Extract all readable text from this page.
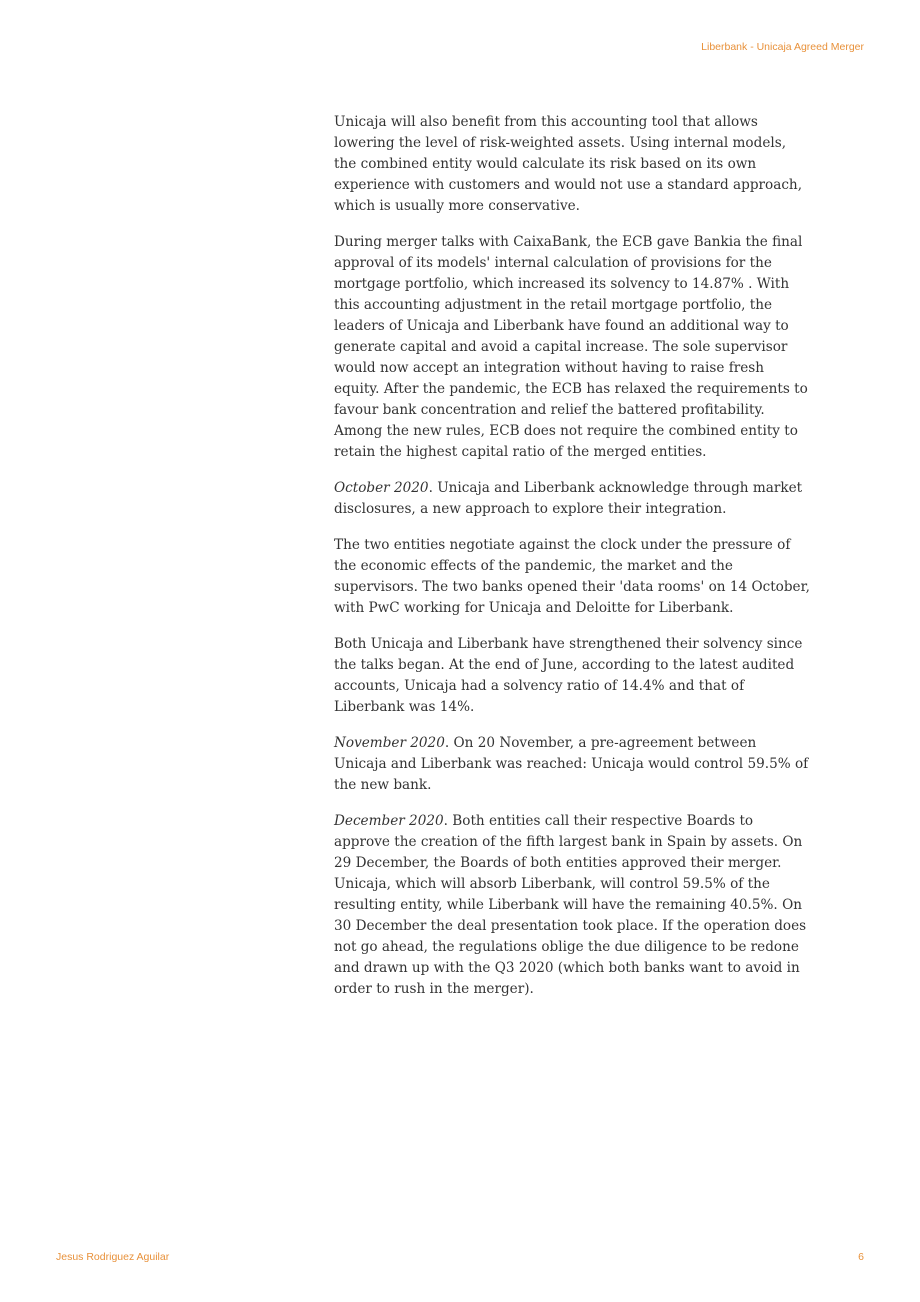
Liberbank - Unicaja Agreed Merger

Unicaja will also benefit from this accounting tool that allows lowering the level of risk-weighted assets. Using internal models, the combined entity would calculate its risk based on its own experience with customers and would not use a standard approach, which is usually more conservative.

During merger talks with CaixaBank, the ECB gave Bankia the final approval of its models' internal calculation of provisions for the mortgage portfolio, which increased its solvency to 14.87% . With this accounting adjustment in the retail mortgage portfolio, the leaders of Unicaja and Liberbank have found an additional way to generate capital and avoid a capital increase. The sole supervisor would now accept an integration without having to raise fresh equity. After the pandemic, the ECB has relaxed the requirements to favour bank concentration and relief the battered profitability. Among the new rules, ECB does not require the combined entity to retain the highest capital ratio of the merged entities.

October 2020. Unicaja and Liberbank acknowledge through market disclosures, a new approach to explore their integration.

The two entities negotiate against the clock under the pressure of the economic effects of the pandemic, the market and the supervisors. The two banks opened their 'data rooms' on 14 October, with PwC working for Unicaja and Deloitte for Liberbank.

Both Unicaja and Liberbank have strengthened their solvency since the talks began. At the end of June, according to the latest audited accounts, Unicaja had a solvency ratio of 14.4% and that of Liberbank was 14%.

November 2020. On 20 November, a pre-agreement between Unicaja and Liberbank was reached: Unicaja would control 59.5% of the new bank.

December 2020. Both entities call their respective Boards to approve the creation of the fifth largest bank in Spain by assets. On 29 December, the Boards of both entities approved their merger. Unicaja, which will absorb Liberbank, will control 59.5% of the resulting entity, while Liberbank will have the remaining 40.5%. On 30 December the deal presentation took place. If the operation does not go ahead, the regulations oblige the due diligence to be redone and drawn up with the Q3 2020 (which both banks want to avoid in order to rush in the merger).

Jesus Rodriguez Aguilar	6
